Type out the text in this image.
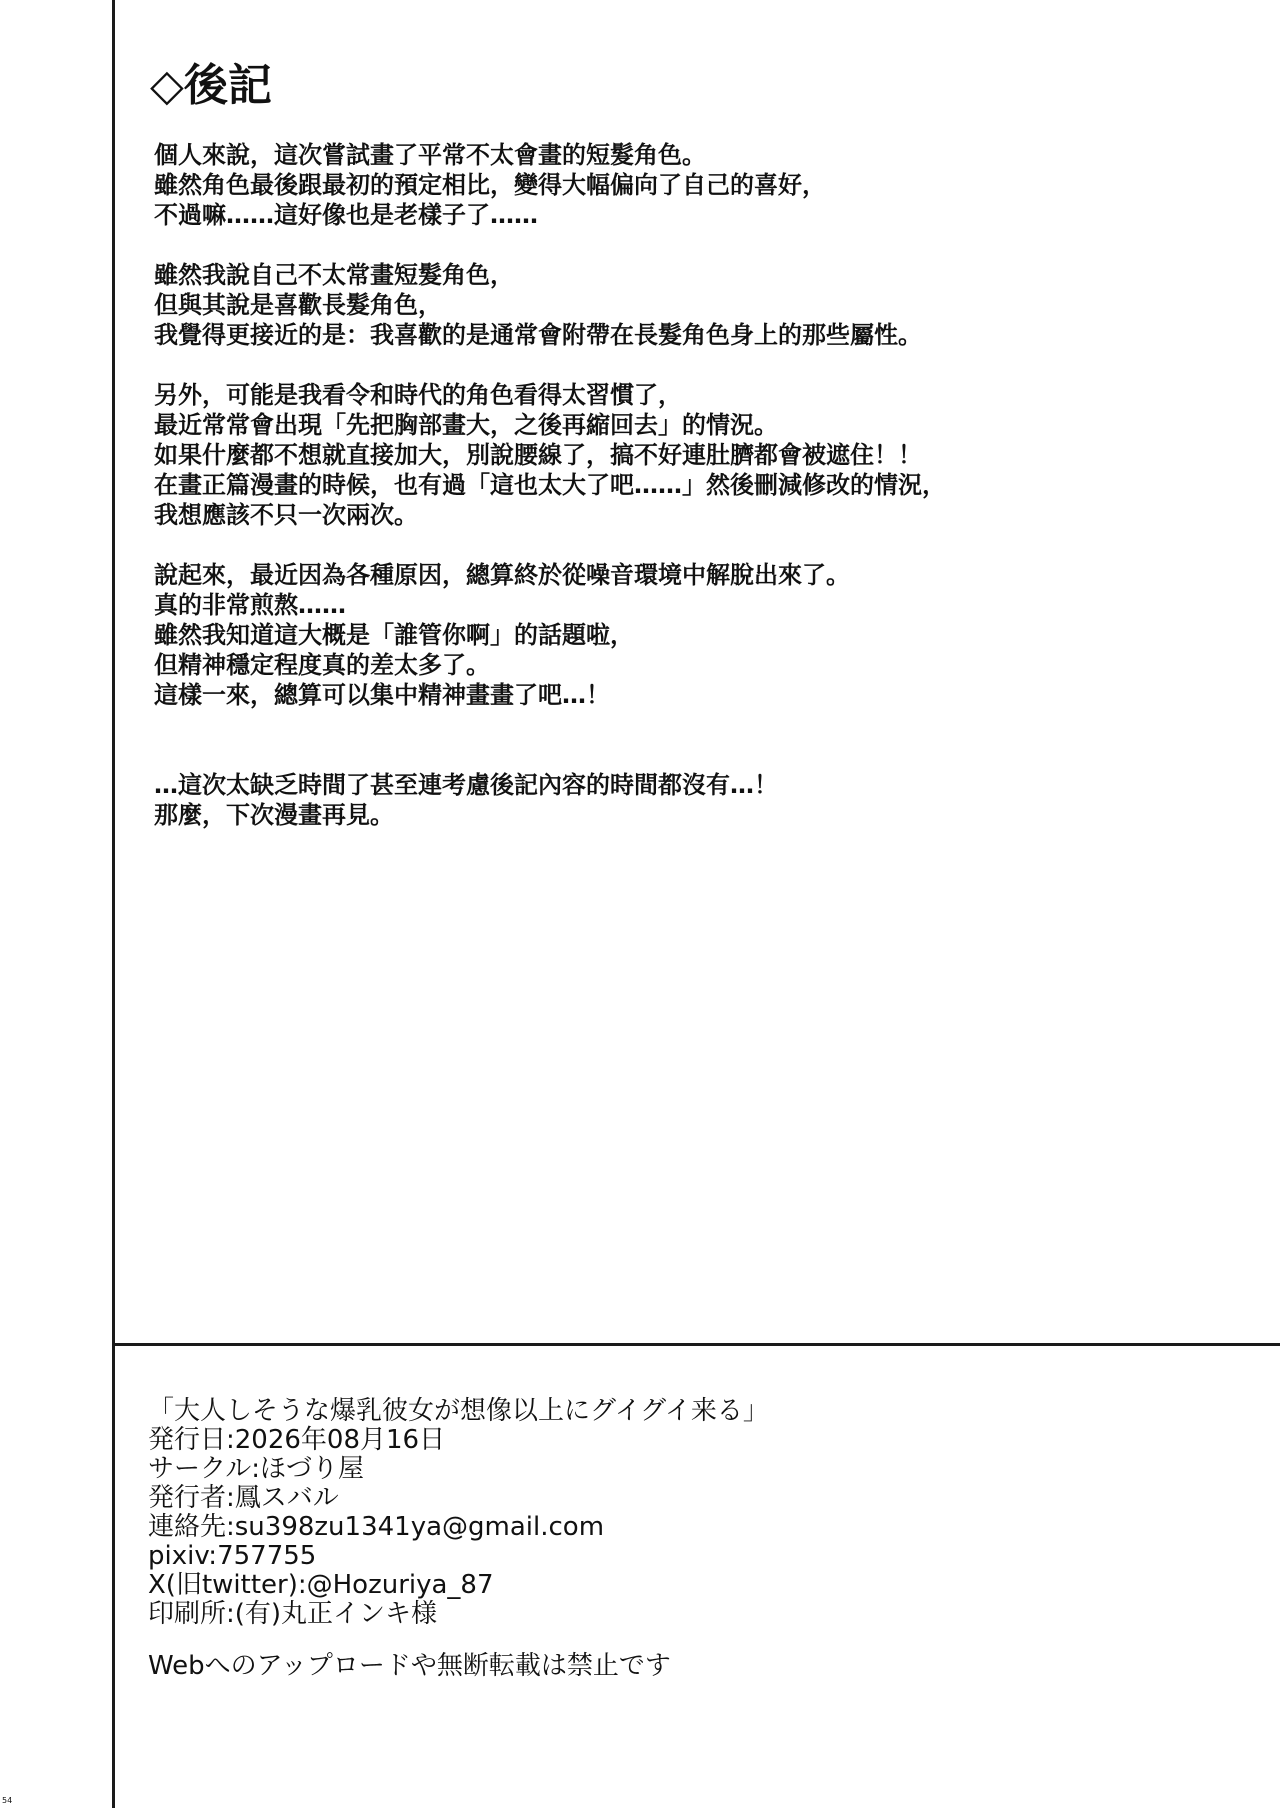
◇後記
個人來說，這次嘗試畫了平常不太會畫的短髮角色。
雖然角色最後跟最初的預定相比，變得大幅偏向了自己的喜好，
不過嘛……這好像也是老樣子了……
雖然我說自己不太常畫短髮角色，
但與其說是喜歡長髮角色，
我覺得更接近的是：我喜歡的是通常會附帶在長髮角色身上的那些屬性。
另外，可能是我看令和時代的角色看得太習慣了，
最近常常會出現「先把胸部畫大，之後再縮回去」的情況。
如果什麼都不想就直接加大，別說腰線了，搞不好連肚臍都會被遮住！！
在畫正篇漫畫的時候，也有過「這也太大了吧……」然後刪減修改的情況，
我想應該不只一次兩次。
說起來，最近因為各種原因，總算終於從噪音環境中解脫出來了。
真的非常煎熬……
雖然我知道這大概是「誰管你啊」的話題啦，
但精神穩定程度真的差太多了。
這樣一來，總算可以集中精神畫畫了吧…！
…這次太缺乏時間了甚至連考慮後記內容的時間都沒有…！
那麼，下次漫畫再見。
「大人しそうな爆乳彼女が想像以上にグイグイ来る」
発行日:2026年08月16日
サークル:ほづり屋
発行者:鳳スバル
連絡先:su398zu1341ya@gmail.com
pixiv:757755
X(旧twitter):@Hozuriya_87
印刷所:(有)丸正インキ様
Webへのアップロードや無断転載は禁止です
54
